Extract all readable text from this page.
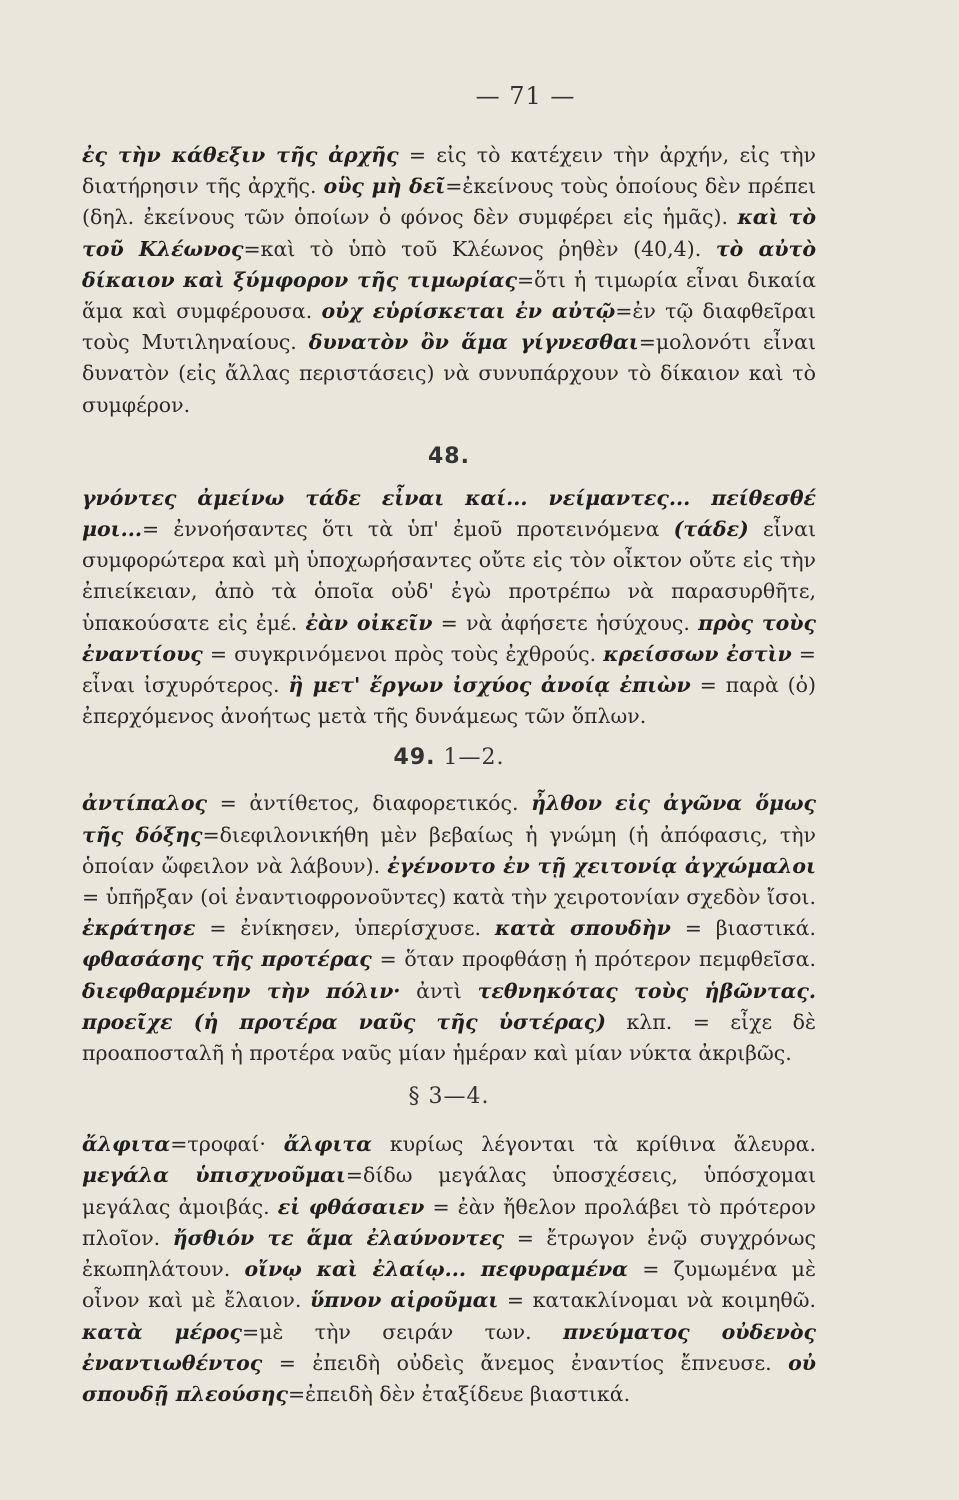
— 71 —

ἐς τὴν κάθεξιν τῆς ἀρχῆς = εἰς τὸ κατέχειν τὴν ἀρχήν, εἰς τὴν διατήρησιν τῆς ἀρχῆς. οὓς μὴ δεῖ=ἐκείνους τοὺς ὁποίους δὲν πρέπει (δηλ. ἐκείνους τῶν ὁποίων ὁ φόνος δὲν συμφέρει εἰς ἡμᾶς). καὶ τὸ τοῦ Κλέωνος=καὶ τὸ ὑπὸ τοῦ Κλέωνος ῥηθὲν (40,4). τὸ αὐτὸ δίκαιον καὶ ξύμφορον τῆς τιμωρίας=ὅτι ἡ τιμωρία εἶναι δικαία ἅμα καὶ συμφέρουσα. οὐχ εὑρίσκεται ἐν αὐτῷ=ἐν τῷ διαφθεῖραι τοὺς Μυτιληναίους. δυνατὸν ὂν ἅμα γίγνεσθαι=μολονότι εἶναι δυνατὸν (εἰς ἄλλας περιστάσεις) νὰ συνυπάρχουν τὸ δίκαιον καὶ τὸ συμφέρον.

48.

γνόντες ἀμείνω τάδε εἶναι καί... νείμαντες... πείθεσθέ μοι...= ἐννοήσαντες ὅτι τὰ ὑπ' ἐμοῦ προτεινόμενα (τάδε) εἶναι συμφορώτερα καὶ μὴ ὑποχωρήσαντες οὔτε εἰς τὸν οἶκτον οὔτε εἰς τὴν ἐπιείκειαν, ἀπὸ τὰ ὁποῖα οὐδ' ἐγὼ προτρέπω νὰ παρασυρθῆτε, ὑπακούσατε εἰς ἐμέ. ἐὰν οἰκεῖν = νὰ ἀφήσετε ἡσύχους. πρὸς τοὺς ἐναντίους = συγκρινόμενοι πρὸς τοὺς ἐχθρούς. κρείσσων ἐστὶν = εἶναι ἰσχυρότερος. ἢ μετ' ἔργων ἰσχύος ἀνοίᾳ ἐπιὼν = παρὰ (ὁ) ἐπερχόμενος ἀνοήτως μετὰ τῆς δυνάμεως τῶν ὅπλων.

49. 1—2.

ἀντίπαλος = ἀντίθετος, διαφορετικός. ἦλθον εἰς ἀγῶνα ὅμως τῆς δόξης=διεφιλονικήθη μὲν βεβαίως ἡ γνώμη (ἡ ἀπόφασις, τὴν ὁποίαν ὤφειλον νὰ λάβουν). ἐγένοντο ἐν τῇ χειτονίᾳ ἀγχώμαλοι = ὑπῆρξαν (οἱ ἐναντιοφρονοῦντες) κατὰ τὴν χειροτονίαν σχεδὸν ἴσοι. ἐκράτησε = ἐνίκησεν, ὑπερίσχυσε. κατὰ σπουδὴν = βιαστικά. φθασάσης τῆς προτέρας = ὅταν προφθάσῃ ἡ πρότερον πεμφθεῖσα. διεφθαρμένην τὴν πόλιν· ἀντὶ τεθνηκότας τοὺς ἡβῶντας. προεῖχε (ἡ προτέρα ναῦς τῆς ὑστέρας) κλπ. = εἶχε δὲ προαποσταλῆ ἡ προτέρα ναῦς μίαν ἡμέραν καὶ μίαν νύκτα ἀκριβῶς.

§ 3—4.

ἄλφιτα=τροφαί· ἄλφιτα κυρίως λέγονται τὰ κρίθινα ἄλευρα. μεγάλα ὑπισχνοῦμαι=δίδω μεγάλας ὑποσχέσεις, ὑπόσχομαι μεγάλας ἀμοιβάς. εἰ φθάσαιεν = ἐὰν ἤθελον προλάβει τὸ πρότερον πλοῖον. ἤσθιόν τε ἅμα ἐλαύνοντες = ἔτρωγον ἐνῷ συγχρόνως ἐκωπηλάτουν. οἴνῳ καὶ ἐλαίῳ... πεφυραμένα = ζυμωμένα μὲ οἶνον καὶ μὲ ἔλαιον. ὕπνον αἱροῦμαι = κατακλίνομαι νὰ κοιμηθῶ. κατὰ μέρος=μὲ τὴν σειράν των. πνεύματος οὐδενὸς ἐναντιωθέντος = ἐπειδὴ οὐδεὶς ἄνεμος ἐναντίος ἔπνευσε. οὐ σπουδῇ πλεούσης=ἐπειδὴ δὲν ἐταξίδευε βιαστικά.
